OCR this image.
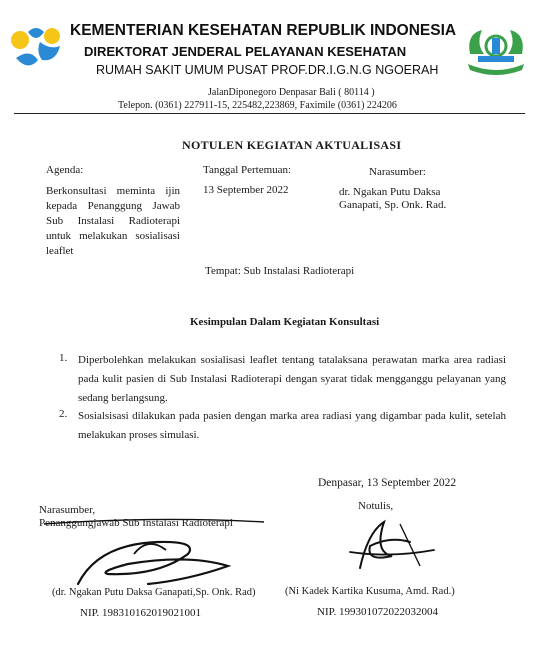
KEMENTERIAN KESEHATAN REPUBLIK INDONESIA
DIREKTORAT JENDERAL PELAYANAN KESEHATAN
RUMAH SAKIT UMUM PUSAT PROF.DR.I.G.N.G NGOERAH
JalanDiponegoro Denpasar Bali ( 80114 )
Telepon. (0361) 227911-15, 225482,223869, Faximile (0361) 224206
NOTULEN KEGIATAN AKTUALISASI
Agenda:
Berkonsultasi meminta ijin kepada Penanggung Jawab Sub Instalasi Radioterapi untuk melakukan sosialisasi leaflet
Tanggal Pertemuan:
13 September 2022
Narasumber:
dr. Ngakan Putu Daksa
Ganapati, Sp. Onk. Rad.
Tempat: Sub Instalasi Radioterapi
Kesimpulan Dalam Kegiatan Konsultasi
1. Diperbolehkan melakukan sosialisasi leaflet tentang tatalaksana perawatan marka area radiasi pada kulit pasien di Sub Instalasi Radioterapi dengan syarat tidak mengganggu pelayanan yang sedang berlangsung.
2. Sosialsisasi dilakukan pada pasien dengan marka area radiasi yang digambar pada kulit, setelah melakukan proses simulasi.
Denpasar, 13 September 2022
Narasumber,
Penanggungjawab Sub Instalasi Radioterapi
Notulis,
(dr. Ngakan Putu Daksa Ganapati,Sp. Onk. Rad)
NIP. 198310162019021001
(Ni Kadek Kartika Kusuma, Amd. Rad.)
NIP. 199301072022032004
